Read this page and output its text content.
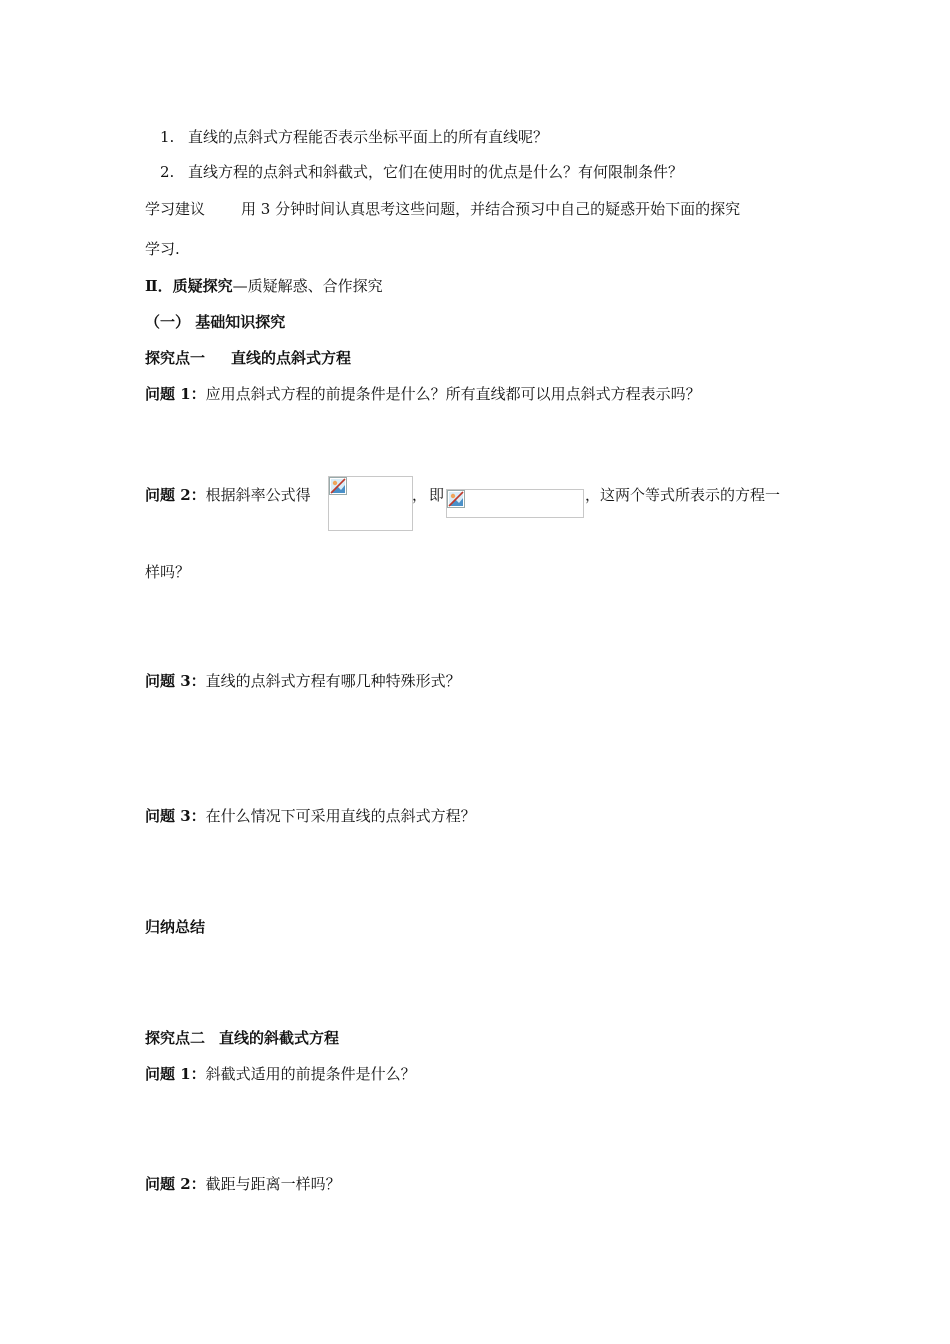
1. 直线的点斜式方程能否表示坐标平面上的所有直线呢？
2. 直线方程的点斜式和斜截式，它们在使用时的优点是什么？有何限制条件？
学习建议 用 3 分钟时间认真思考这些问题，并结合预习中自己的疑惑开始下面的探究
学习.
Ⅱ．质疑探究—质疑解惑、合作探究
（一） 基础知识探究
探究点一 直线的点斜式方程
问题 1：应用点斜式方程的前提条件是什么？所有直线都可以用点斜式方程表示吗？
问题 2：根据斜率公式得	， 即	，这两个等式所表示的方程一
样吗？
问题 3：直线的点斜式方程有哪几种特殊形式？
问题 3：在什么情况下可采用直线的点斜式方程？
归纳总结
探究点二 直线的斜截式方程
问题 1：斜截式适用的前提条件是什么？
问题 2：截距与距离一样吗？
